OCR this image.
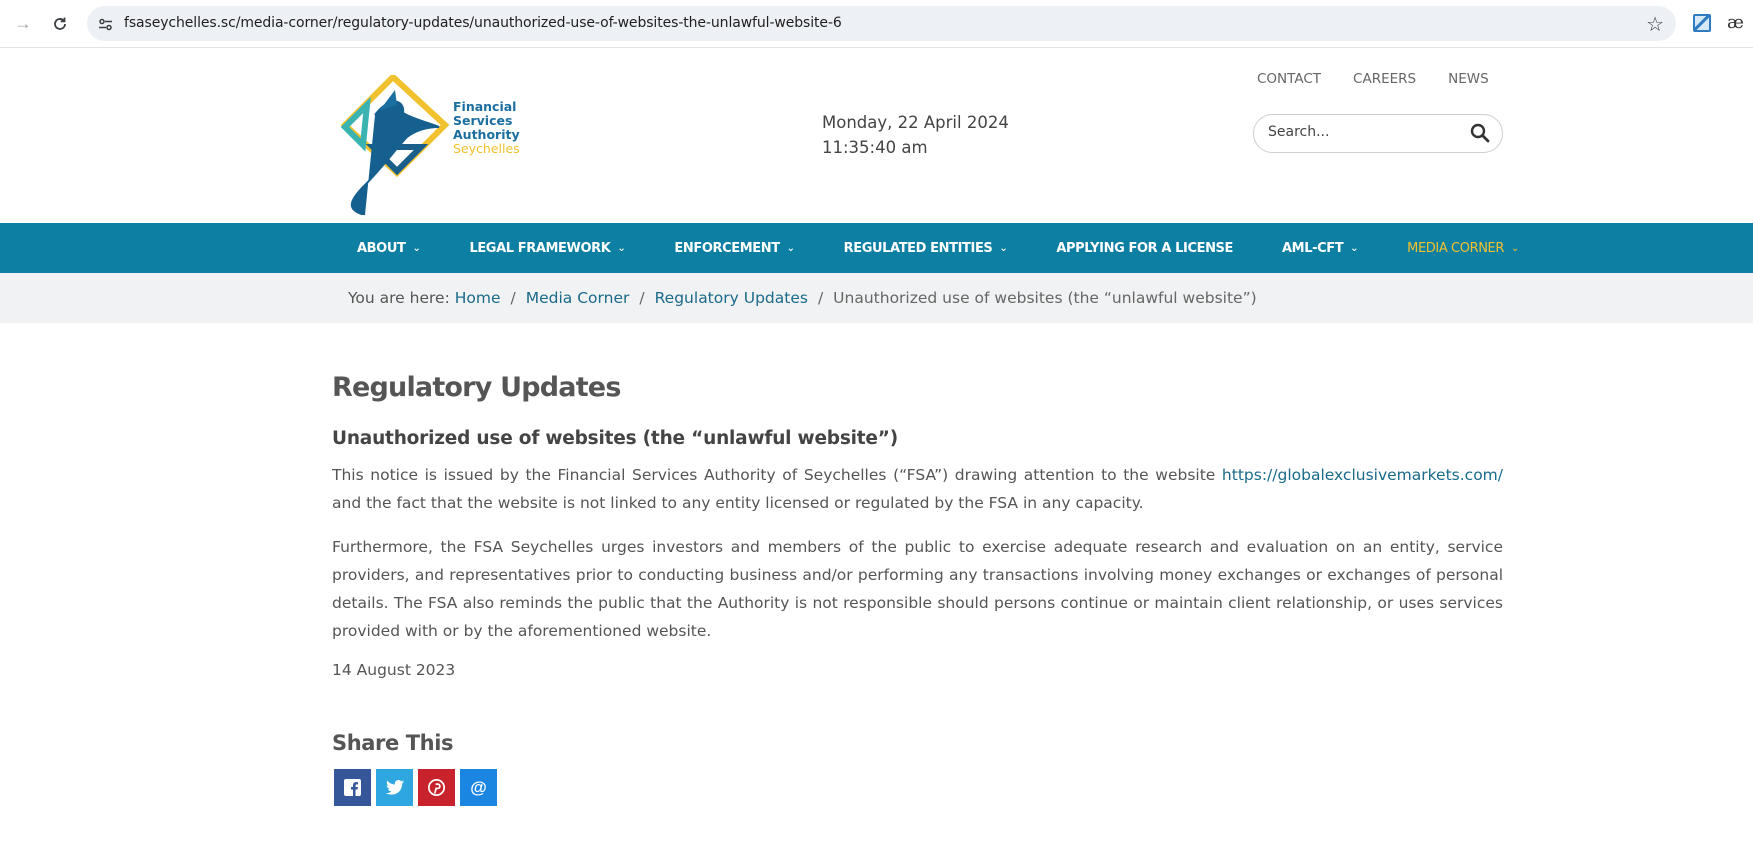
→	fsaseychelles.sc/media-corner/regulatory-updates/unauthorized-use-of-websites-the-unlawful-website-6	☆	æ
Financial
Services
Authority
Seychelles
Monday, 22 April 2024
11:35:40 am
CONTACT CAREERS NEWS
Search...
ABOUT ⌄	LEGAL FRAMEWORK ⌄	ENFORCEMENT ⌄	REGULATED ENTITIES ⌄	APPLYING FOR A LICENSE	AML-CFT ⌄	MEDIA CORNER ⌄
You are here: Home / Media Corner / Regulatory Updates / Unauthorized use of websites (the “unlawful website”)
Regulatory Updates
Unauthorized use of websites (the “unlawful website”)

This notice is issued by the Financial Services Authority of Seychelles (“FSA”) drawing attention to the website https://globalexclusivemarkets.com/ and the fact that the website is not linked to any entity licensed or regulated by the FSA in any capacity.

Furthermore, the FSA Seychelles urges investors and members of the public to exercise adequate research and evaluation on an entity, service providers, and representatives prior to conducting business and/or performing any transactions involving money exchanges or exchanges of personal details. The FSA also reminds the public that the Authority is not responsible should persons continue or maintain client relationship, or uses services provided with or by the aforementioned website.

14 August 2023

Share This
@
